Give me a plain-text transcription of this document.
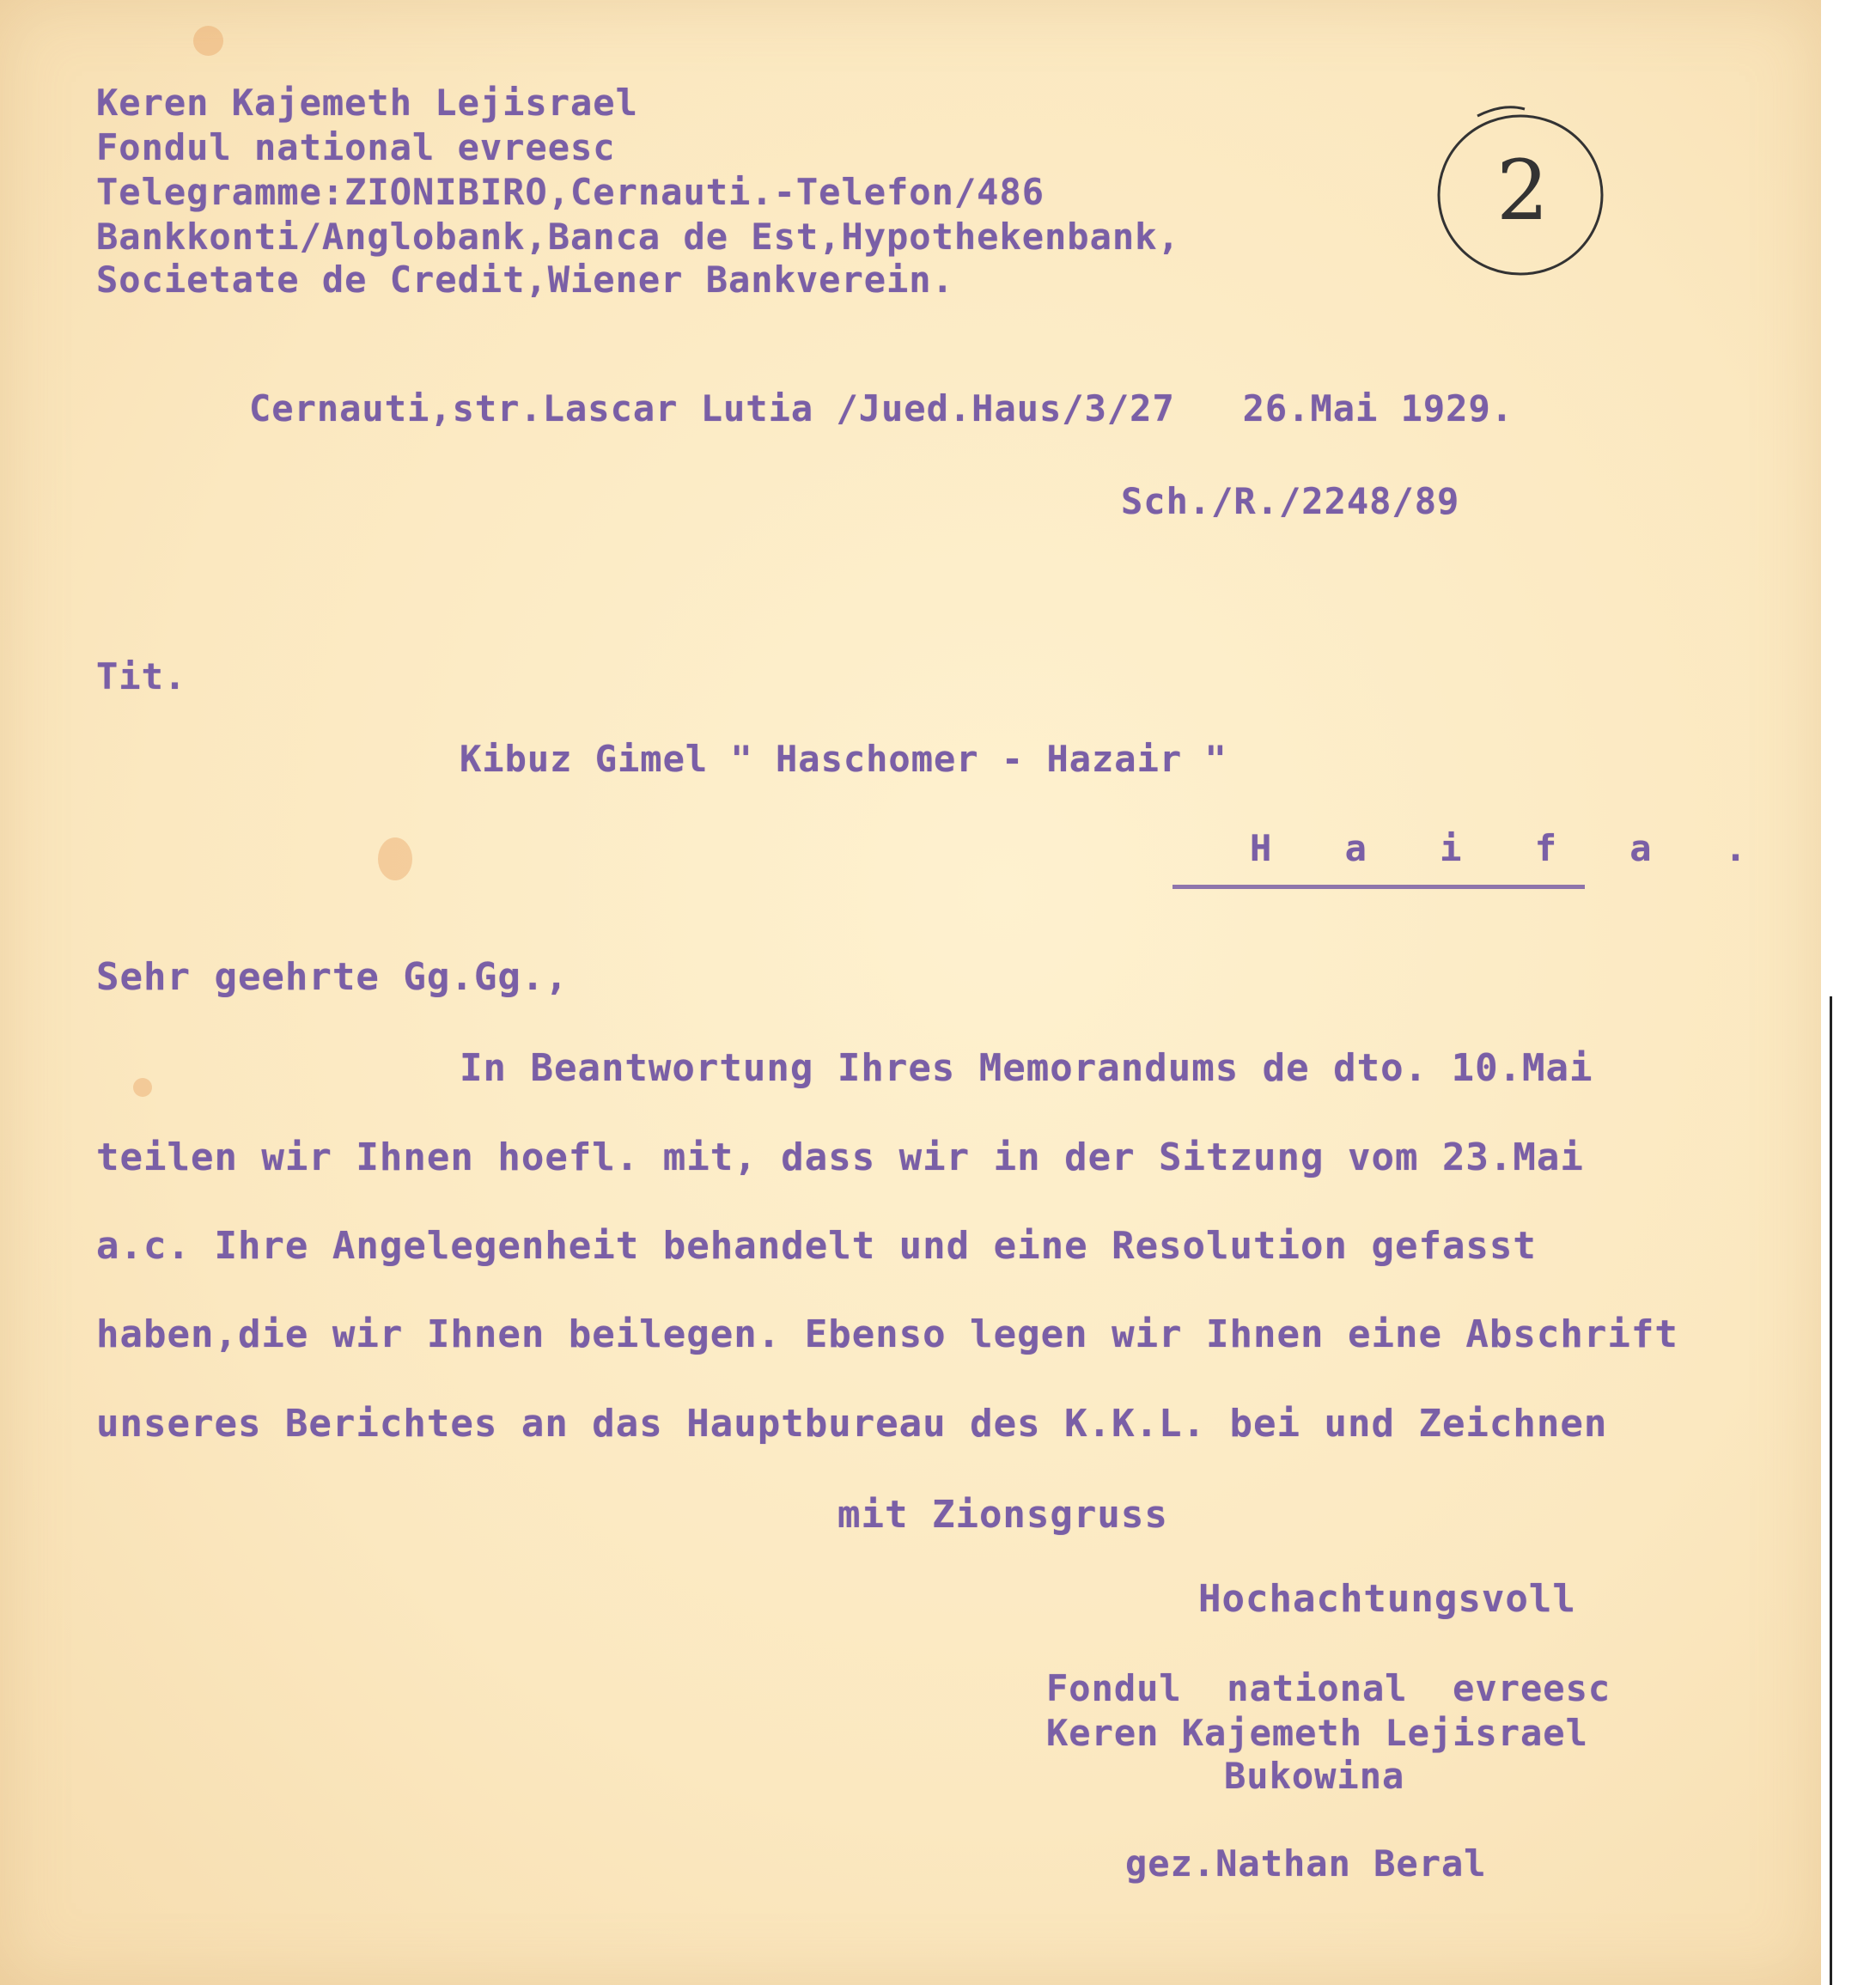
Keren Kajemeth Lejisrael
Fondul national evreesc
Telegramme:ZIONIBIRO,Cernauti.-Telefon/486
Bankkonti/Anglobank,Banca de Est,Hypothekenbank,
Societate de Credit,Wiener Bankverein.
2
Cernauti,str.Lascar Lutia /Jued.Haus/3/27   26.Mai 1929.
Sch./R./2248/89
Tit.
Kibuz Gimel " Haschomer - Hazair "
H a i f a .
Sehr geehrte Gg.Gg.,
In Beantwortung Ihres Memorandums de dto. 10.Mai
teilen wir Ihnen hoefl. mit, dass wir in der Sitzung vom 23.Mai
a.c. Ihre Angelegenheit behandelt und eine Resolution gefasst
haben,die wir Ihnen beilegen. Ebenso legen wir Ihnen eine Abschrift
unseres Berichtes an das Hauptbureau des K.K.L. bei und Zeichnen
mit Zionsgruss
Hochachtungsvoll
Fondul  national  evreesc
Keren Kajemeth Lejisrael
Bukowina
gez.Nathan Beral
